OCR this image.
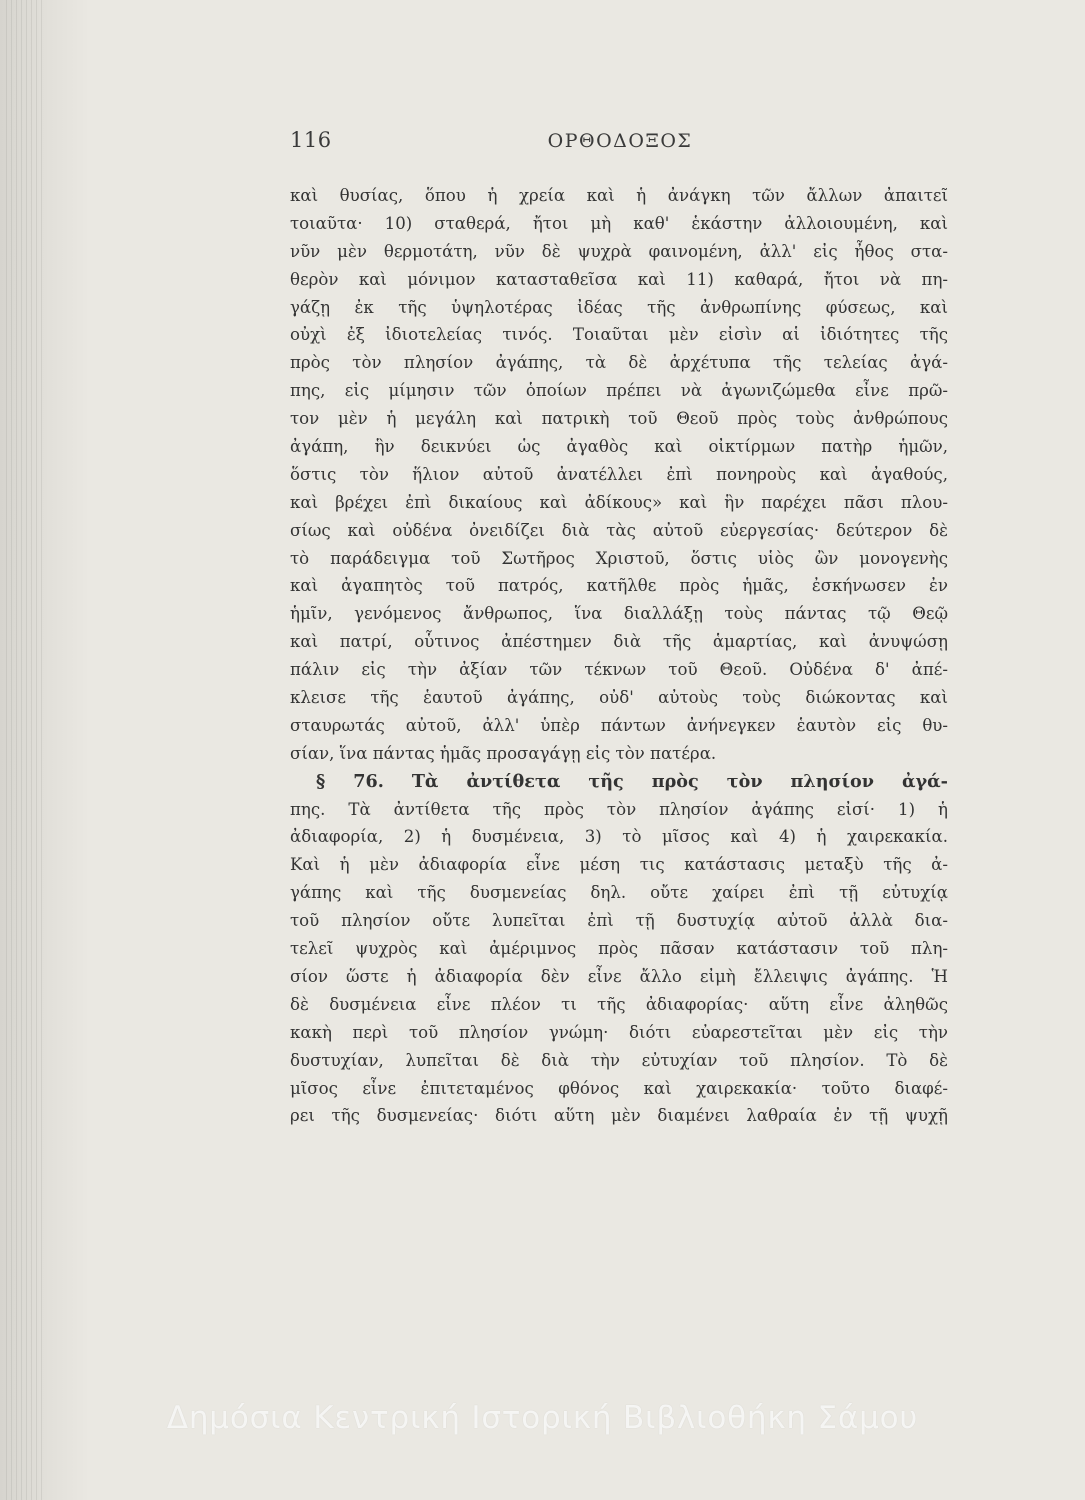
116	ΟΡΘΟΔΟΞΟΣ
καὶ θυσίας, ὅπου ἡ χρεία καὶ ἡ ἀνάγκη τῶν ἄλλων ἀπαιτεῖ
τοιαῦτα· 10) σταθερά, ἤτοι μὴ καθ' ἑκάστην ἀλλοιουμένη, καὶ
νῦν μὲν θερμοτάτη, νῦν δὲ ψυχρὰ φαινομένη, ἀλλ' εἰς ἦθος στα-
θερὸν καὶ μόνιμον κατασταθεῖσα καὶ 11) καθαρά, ἤτοι νὰ πη-
γάζῃ ἐκ τῆς ὑψηλοτέρας ἰδέας τῆς ἀνθρωπίνης φύσεως, καὶ
οὐχὶ ἐξ ἰδιοτελείας τινός. Τοιαῦται μὲν εἰσὶν αἱ ἰδιότητες τῆς
πρὸς τὸν πλησίον ἀγάπης, τὰ δὲ ἀρχέτυπα τῆς τελείας ἀγά-
πης, εἰς μίμησιν τῶν ὁποίων πρέπει νὰ ἀγωνιζώμεθα εἶνε πρῶ-
τον μὲν ἡ μεγάλη καὶ πατρικὴ τοῦ Θεοῦ πρὸς τοὺς ἀνθρώπους
ἀγάπη, ἣν δεικνύει ὡς ἀγαθὸς καὶ οἰκτίρμων πατὴρ ἡμῶν,
ὅστις τὸν ἥλιον αὐτοῦ ἀνατέλλει ἐπὶ πονηροὺς καὶ ἀγαθούς,
καὶ βρέχει ἐπὶ δικαίους καὶ ἀδίκους» καὶ ἣν παρέχει πᾶσι πλου-
σίως καὶ οὐδένα ὀνειδίζει διὰ τὰς αὐτοῦ εὐεργεσίας· δεύτερον δὲ
τὸ παράδειγμα τοῦ Σωτῆρος Χριστοῦ, ὅστις υἱὸς ὢν μονογενὴς
καὶ ἀγαπητὸς τοῦ πατρός, κατῆλθε πρὸς ἡμᾶς, ἐσκήνωσεν ἐν
ἡμῖν, γενόμενος ἄνθρωπος, ἵνα διαλλάξῃ τοὺς πάντας τῷ Θεῷ
καὶ πατρί, οὗτινος ἀπέστημεν διὰ τῆς ἁμαρτίας, καὶ ἀνυψώσῃ
πάλιν εἰς τὴν ἀξίαν τῶν τέκνων τοῦ Θεοῦ. Οὐδένα δ' ἀπέ-
κλεισε τῆς ἑαυτοῦ ἀγάπης, οὐδ' αὐτοὺς τοὺς διώκοντας καὶ
σταυρωτάς αὐτοῦ, ἀλλ' ὑπὲρ πάντων ἀνήνεγκεν ἑαυτὸν εἰς θυ-
σίαν, ἵνα πάντας ἡμᾶς προσαγάγῃ εἰς τὸν πατέρα.
§ 76. Τὰ ἀντίθετα τῆς πρὸς τὸν πλησίον ἀγά-
πης. Τὰ ἀντίθετα τῆς πρὸς τὸν πλησίον ἀγάπης εἰσί· 1) ἡ
ἀδιαφορία, 2) ἡ δυσμένεια, 3) τὸ μῖσος καὶ 4) ἡ χαιρεκακία.
Καὶ ἡ μὲν ἀδιαφορία εἶνε μέση τις κατάστασις μεταξὺ τῆς ἀ-
γάπης καὶ τῆς δυσμενείας δηλ. οὔτε χαίρει ἐπὶ τῇ εὐτυχίᾳ
τοῦ πλησίον οὔτε λυπεῖται ἐπὶ τῇ δυστυχίᾳ αὐτοῦ ἀλλὰ δια-
τελεῖ ψυχρὸς καὶ ἀμέριμνος πρὸς πᾶσαν κατάστασιν τοῦ πλη-
σίον ὥστε ἡ ἀδιαφορία δὲν εἶνε ἄλλο εἰμὴ ἔλλειψις ἀγάπης. Ἡ
δὲ δυσμένεια εἶνε πλέον τι τῆς ἀδιαφορίας· αὕτη εἶνε ἀληθῶς
κακὴ περὶ τοῦ πλησίον γνώμη· διότι εὐαρεστεῖται μὲν εἰς τὴν
δυστυχίαν, λυπεῖται δὲ διὰ τὴν εὐτυχίαν τοῦ πλησίον. Τὸ δὲ
μῖσος εἶνε ἐπιτεταμένος φθόνος καὶ χαιρεκακία· τοῦτο διαφέ-
ρει τῆς δυσμενείας· διότι αὕτη μὲν διαμένει λαθραία ἐν τῇ ψυχῇ
Δημόσια Κεντρική Ιστορική Βιβλιοθήκη Σάμου
